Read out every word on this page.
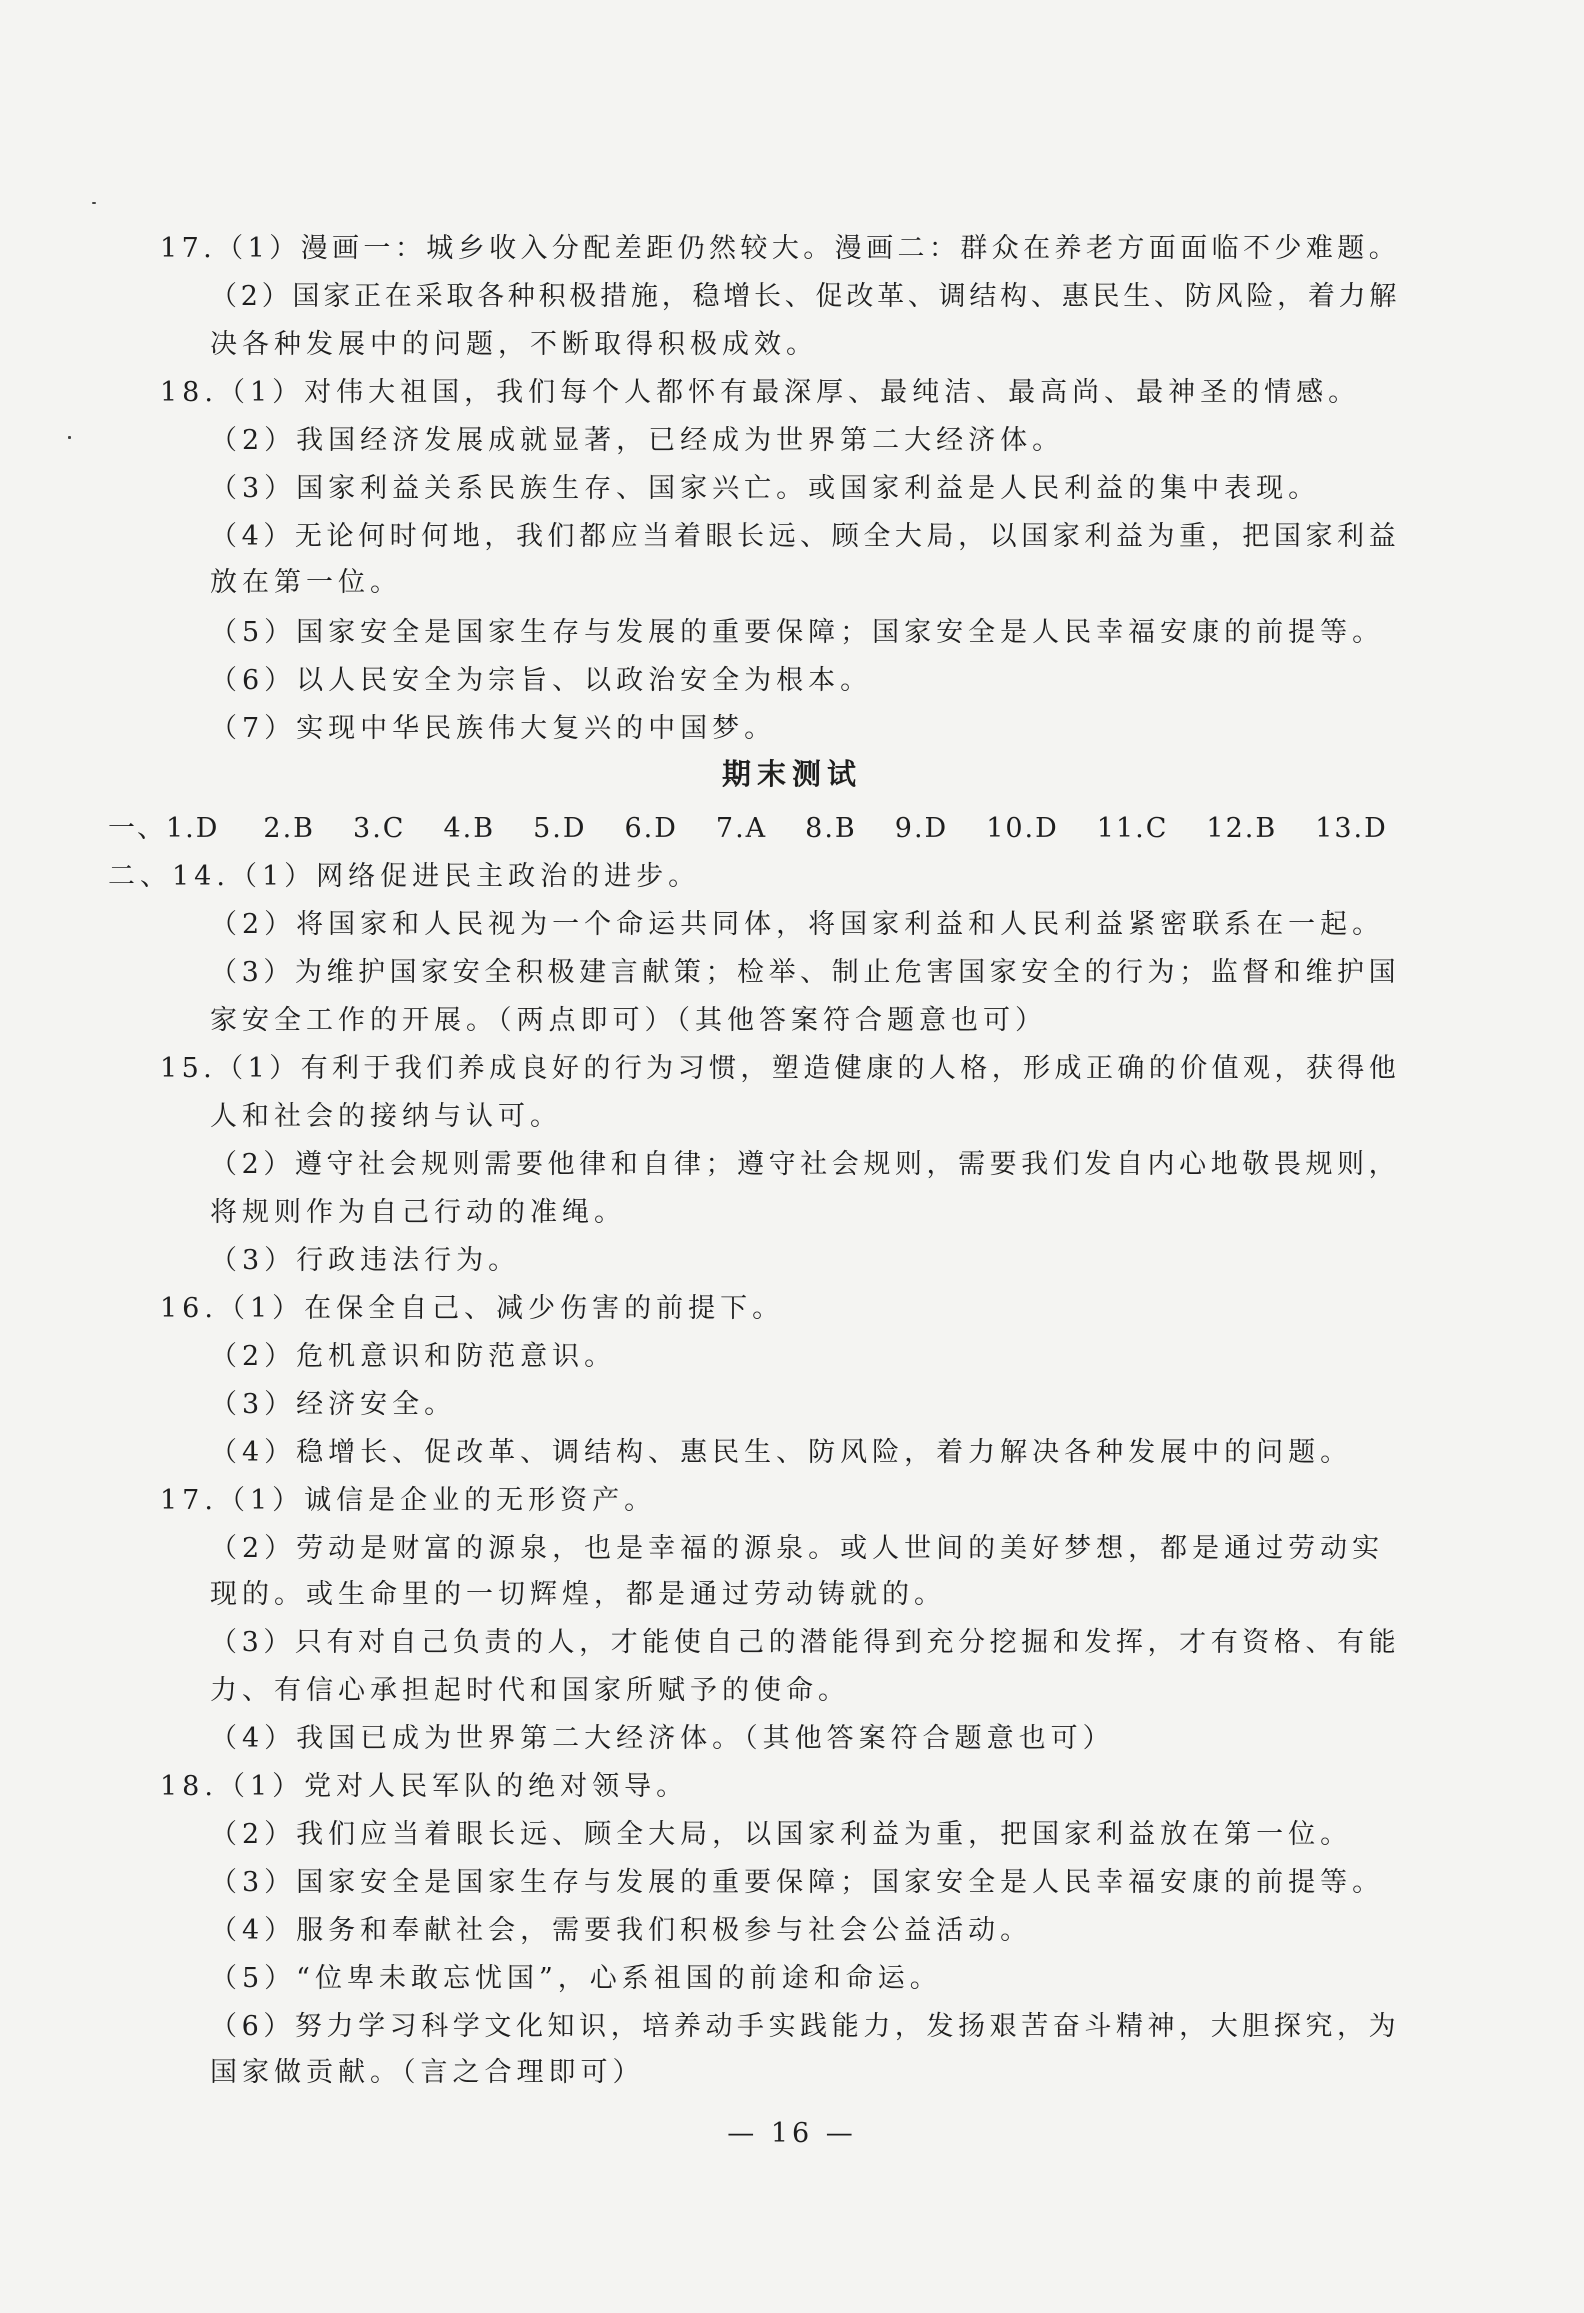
17.（1）漫画一：城乡收入分配差距仍然较大。漫画二：群众在养老方面面临不少难题。
（2）国家正在采取各种积极措施，稳增长、促改革、调结构、惠民生、防风险，着力解
决各种发展中的问题，不断取得积极成效。
18.（1）对伟大祖国，我们每个人都怀有最深厚、最纯洁、最高尚、最神圣的情感。
（2）我国经济发展成就显著，已经成为世界第二大经济体。
（3）国家利益关系民族生存、国家兴亡。或国家利益是人民利益的集中表现。
（4）无论何时何地，我们都应当着眼长远、顾全大局，以国家利益为重，把国家利益
放在第一位。
（5）国家安全是国家生存与发展的重要保障；国家安全是人民幸福安康的前提等。
（6）以人民安全为宗旨、以政治安全为根本。
（7）实现中华民族伟大复兴的中国梦。
期末测试
一、1.D 2.B 3.C 4.B 5.D 6.D 7.A 8.B 9.D 10.D 11.C 12.B 13.D
二、14.（1）网络促进民主政治的进步。
（2）将国家和人民视为一个命运共同体，将国家利益和人民利益紧密联系在一起。
（3）为维护国家安全积极建言献策；检举、制止危害国家安全的行为；监督和维护国
家安全工作的开展。（两点即可）（其他答案符合题意也可）
15.（1）有利于我们养成良好的行为习惯，塑造健康的人格，形成正确的价值观，获得他
人和社会的接纳与认可。
（2）遵守社会规则需要他律和自律；遵守社会规则，需要我们发自内心地敬畏规则，
将规则作为自己行动的准绳。
（3）行政违法行为。
16.（1）在保全自己、减少伤害的前提下。
（2）危机意识和防范意识。
（3）经济安全。
（4）稳增长、促改革、调结构、惠民生、防风险，着力解决各种发展中的问题。
17.（1）诚信是企业的无形资产。
（2）劳动是财富的源泉，也是幸福的源泉。或人世间的美好梦想，都是通过劳动实
现的。或生命里的一切辉煌，都是通过劳动铸就的。
（3）只有对自己负责的人，才能使自己的潜能得到充分挖掘和发挥，才有资格、有能
力、有信心承担起时代和国家所赋予的使命。
（4）我国已成为世界第二大经济体。（其他答案符合题意也可）
18.（1）党对人民军队的绝对领导。
（2）我们应当着眼长远、顾全大局，以国家利益为重，把国家利益放在第一位。
（3）国家安全是国家生存与发展的重要保障；国家安全是人民幸福安康的前提等。
（4）服务和奉献社会，需要我们积极参与社会公益活动。
（5）“位卑未敢忘忧国”，心系祖国的前途和命运。
（6）努力学习科学文化知识，培养动手实践能力，发扬艰苦奋斗精神，大胆探究，为
国家做贡献。（言之合理即可）
— 16 —
